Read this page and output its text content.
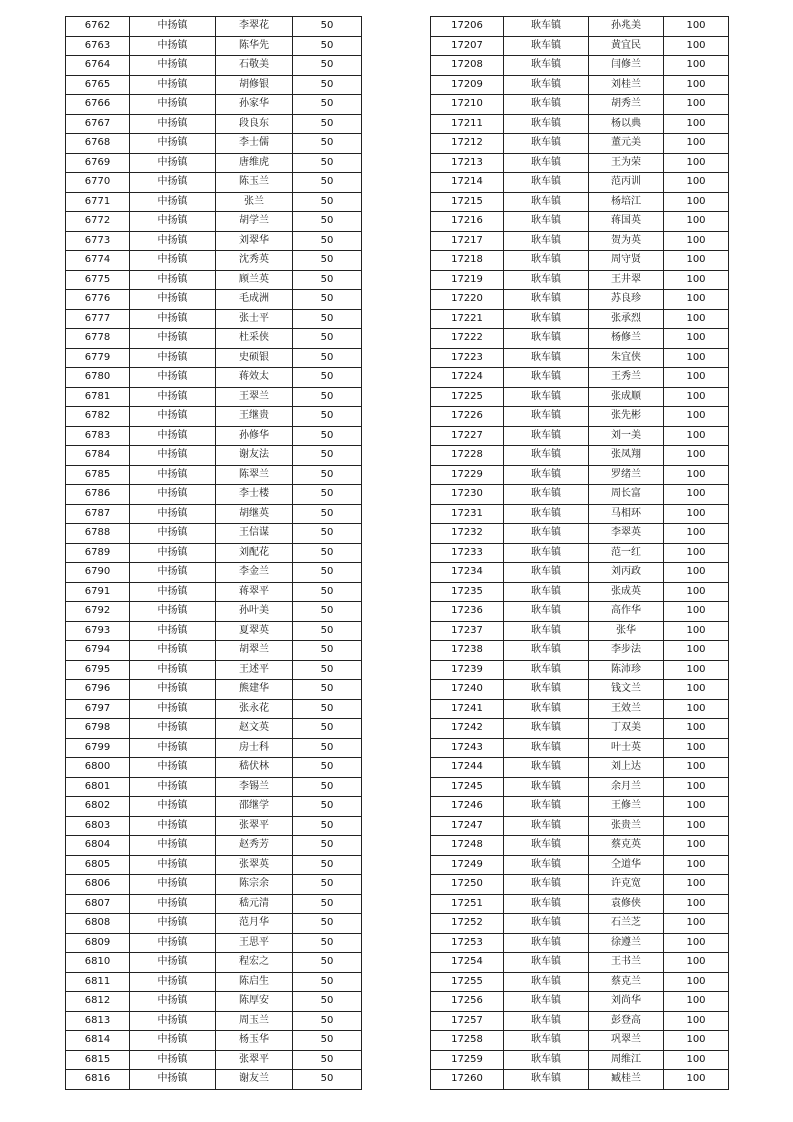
6762	中扬镇	李翠花	50
6763	中扬镇	陈华先	50
6764	中扬镇	石敬美	50
6765	中扬镇	胡修银	50
6766	中扬镇	孙家华	50
6767	中扬镇	段良东	50
6768	中扬镇	李士儒	50
6769	中扬镇	唐维虎	50
6770	中扬镇	陈玉兰	50
6771	中扬镇	张兰	50
6772	中扬镇	胡学兰	50
6773	中扬镇	刘翠华	50
6774	中扬镇	沈秀英	50
6775	中扬镇	顾兰英	50
6776	中扬镇	毛成洲	50
6777	中扬镇	张士平	50
6778	中扬镇	杜采侠	50
6779	中扬镇	史硕银	50
6780	中扬镇	蒋效太	50
6781	中扬镇	王翠兰	50
6782	中扬镇	王继贵	50
6783	中扬镇	孙修华	50
6784	中扬镇	谢友法	50
6785	中扬镇	陈翠兰	50
6786	中扬镇	李士楼	50
6787	中扬镇	胡继英	50
6788	中扬镇	王信谋	50
6789	中扬镇	刘配花	50
6790	中扬镇	李金兰	50
6791	中扬镇	蒋翠平	50
6792	中扬镇	孙叶美	50
6793	中扬镇	夏翠英	50
6794	中扬镇	胡翠兰	50
6795	中扬镇	王述平	50
6796	中扬镇	熊建华	50
6797	中扬镇	张永花	50
6798	中扬镇	赵文英	50
6799	中扬镇	房士科	50
6800	中扬镇	嵇伏林	50
6801	中扬镇	李锡兰	50
6802	中扬镇	邵继学	50
6803	中扬镇	张翠平	50
6804	中扬镇	赵秀芳	50
6805	中扬镇	张翠英	50
6806	中扬镇	陈宗余	50
6807	中扬镇	嵇元清	50
6808	中扬镇	范月华	50
6809	中扬镇	王思平	50
6810	中扬镇	程宏之	50
6811	中扬镇	陈启生	50
6812	中扬镇	陈厚安	50
6813	中扬镇	周玉兰	50
6814	中扬镇	杨玉华	50
6815	中扬镇	张翠平	50
6816	中扬镇	谢友兰	50
17206	耿车镇	孙兆美	100
17207	耿车镇	黄宜民	100
17208	耿车镇	闫修兰	100
17209	耿车镇	刘桂兰	100
17210	耿车镇	胡秀兰	100
17211	耿车镇	杨以典	100
17212	耿车镇	董元美	100
17213	耿车镇	王为荣	100
17214	耿车镇	范丙训	100
17215	耿车镇	杨培江	100
17216	耿车镇	蒋国英	100
17217	耿车镇	贺为英	100
17218	耿车镇	周守贤	100
17219	耿车镇	王井翠	100
17220	耿车镇	苏良珍	100
17221	耿车镇	张承烈	100
17222	耿车镇	杨修兰	100
17223	耿车镇	朱宜侠	100
17224	耿车镇	王秀兰	100
17225	耿车镇	张成顺	100
17226	耿车镇	张先彬	100
17227	耿车镇	刘一美	100
17228	耿车镇	张凤翔	100
17229	耿车镇	罗绪兰	100
17230	耿车镇	周长富	100
17231	耿车镇	马相环	100
17232	耿车镇	李翠英	100
17233	耿车镇	范一红	100
17234	耿车镇	刘丙政	100
17235	耿车镇	张成英	100
17236	耿车镇	高作华	100
17237	耿车镇	张华	100
17238	耿车镇	李步法	100
17239	耿车镇	陈沛珍	100
17240	耿车镇	钱文兰	100
17241	耿车镇	王效兰	100
17242	耿车镇	丁双美	100
17243	耿车镇	叶士英	100
17244	耿车镇	刘上达	100
17245	耿车镇	余月兰	100
17246	耿车镇	王修兰	100
17247	耿车镇	张贵兰	100
17248	耿车镇	蔡克英	100
17249	耿车镇	仝道华	100
17250	耿车镇	许克宽	100
17251	耿车镇	袁修侠	100
17252	耿车镇	石兰芝	100
17253	耿车镇	徐遵兰	100
17254	耿车镇	王书兰	100
17255	耿车镇	蔡克兰	100
17256	耿车镇	刘尚华	100
17257	耿车镇	彭登高	100
17258	耿车镇	巩翠兰	100
17259	耿车镇	周维江	100
17260	耿车镇	臧桂兰	100
